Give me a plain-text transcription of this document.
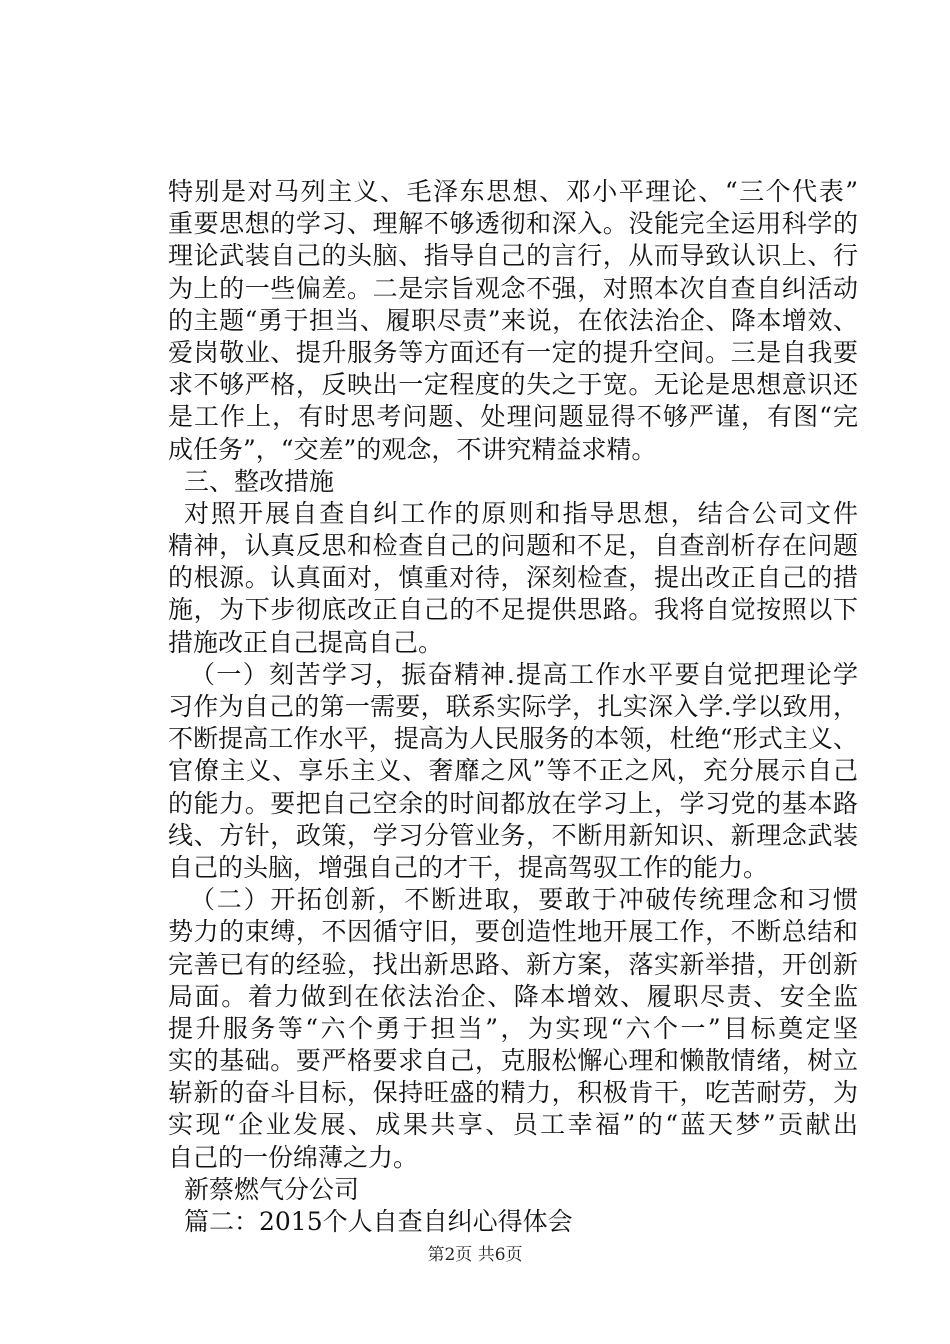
特别是对马列主义、毛泽东思想、邓小平理论、“三个代表”
重要思想的学习、理解不够透彻和深入。没能完全运用科学的
理论武装自己的头脑、指导自己的言行，从而导致认识上、行
为上的一些偏差。二是宗旨观念不强，对照本次自查自纠活动
的主题“勇于担当、履职尽责”来说，在依法治企、降本增效、
爱岗敬业、提升服务等方面还有一定的提升空间。三是自我要
求不够严格，反映出一定程度的失之于宽。无论是思想意识还
是工作上，有时思考问题、处理问题显得不够严谨，有图“完
成任务”，“交差”的观念，不讲究精益求精。
三、整改措施
对照开展自查自纠工作的原则和指导思想，结合公司文件
精神，认真反思和检查自己的问题和不足，自查剖析存在问题
的根源。认真面对，慎重对待，深刻检查，提出改正自己的措
施，为下步彻底改正自己的不足提供思路。我将自觉按照以下
措施改正自己提高自己。
（一）刻苦学习，振奋精神.提高工作水平要自觉把理论学
习作为自己的第一需要，联系实际学，扎实深入学.学以致用，
不断提高工作水平，提高为人民服务的本领，杜绝“形式主义、
官僚主义、享乐主义、奢靡之风”等不正之风，充分展示自己
的能力。要把自己空余的时间都放在学习上，学习党的基本路
线、方针，政策，学习分管业务，不断用新知识、新理念武装
自己的头脑，增强自己的才干，提高驾驭工作的能力。
（二）开拓创新，不断进取，要敢于冲破传统理念和习惯
势力的束缚，不因循守旧，要创造性地开展工作，不断总结和
完善已有的经验，找出新思路、新方案，落实新举措，开创新
局面。着力做到在依法治企、降本增效、履职尽责、安全监
提升服务等“六个勇于担当”，为实现“六个一”目标奠定坚
实的基础。要严格要求自己，克服松懈心理和懒散情绪，树立
崭新的奋斗目标，保持旺盛的精力，积极肯干，吃苦耐劳，为
实现“企业发展、成果共享、员工幸福”的“蓝天梦”贡献出
自己的一份绵薄之力。
新蔡燃气分公司
篇二：2015个人自查自纠心得体会
第2页 共6页
